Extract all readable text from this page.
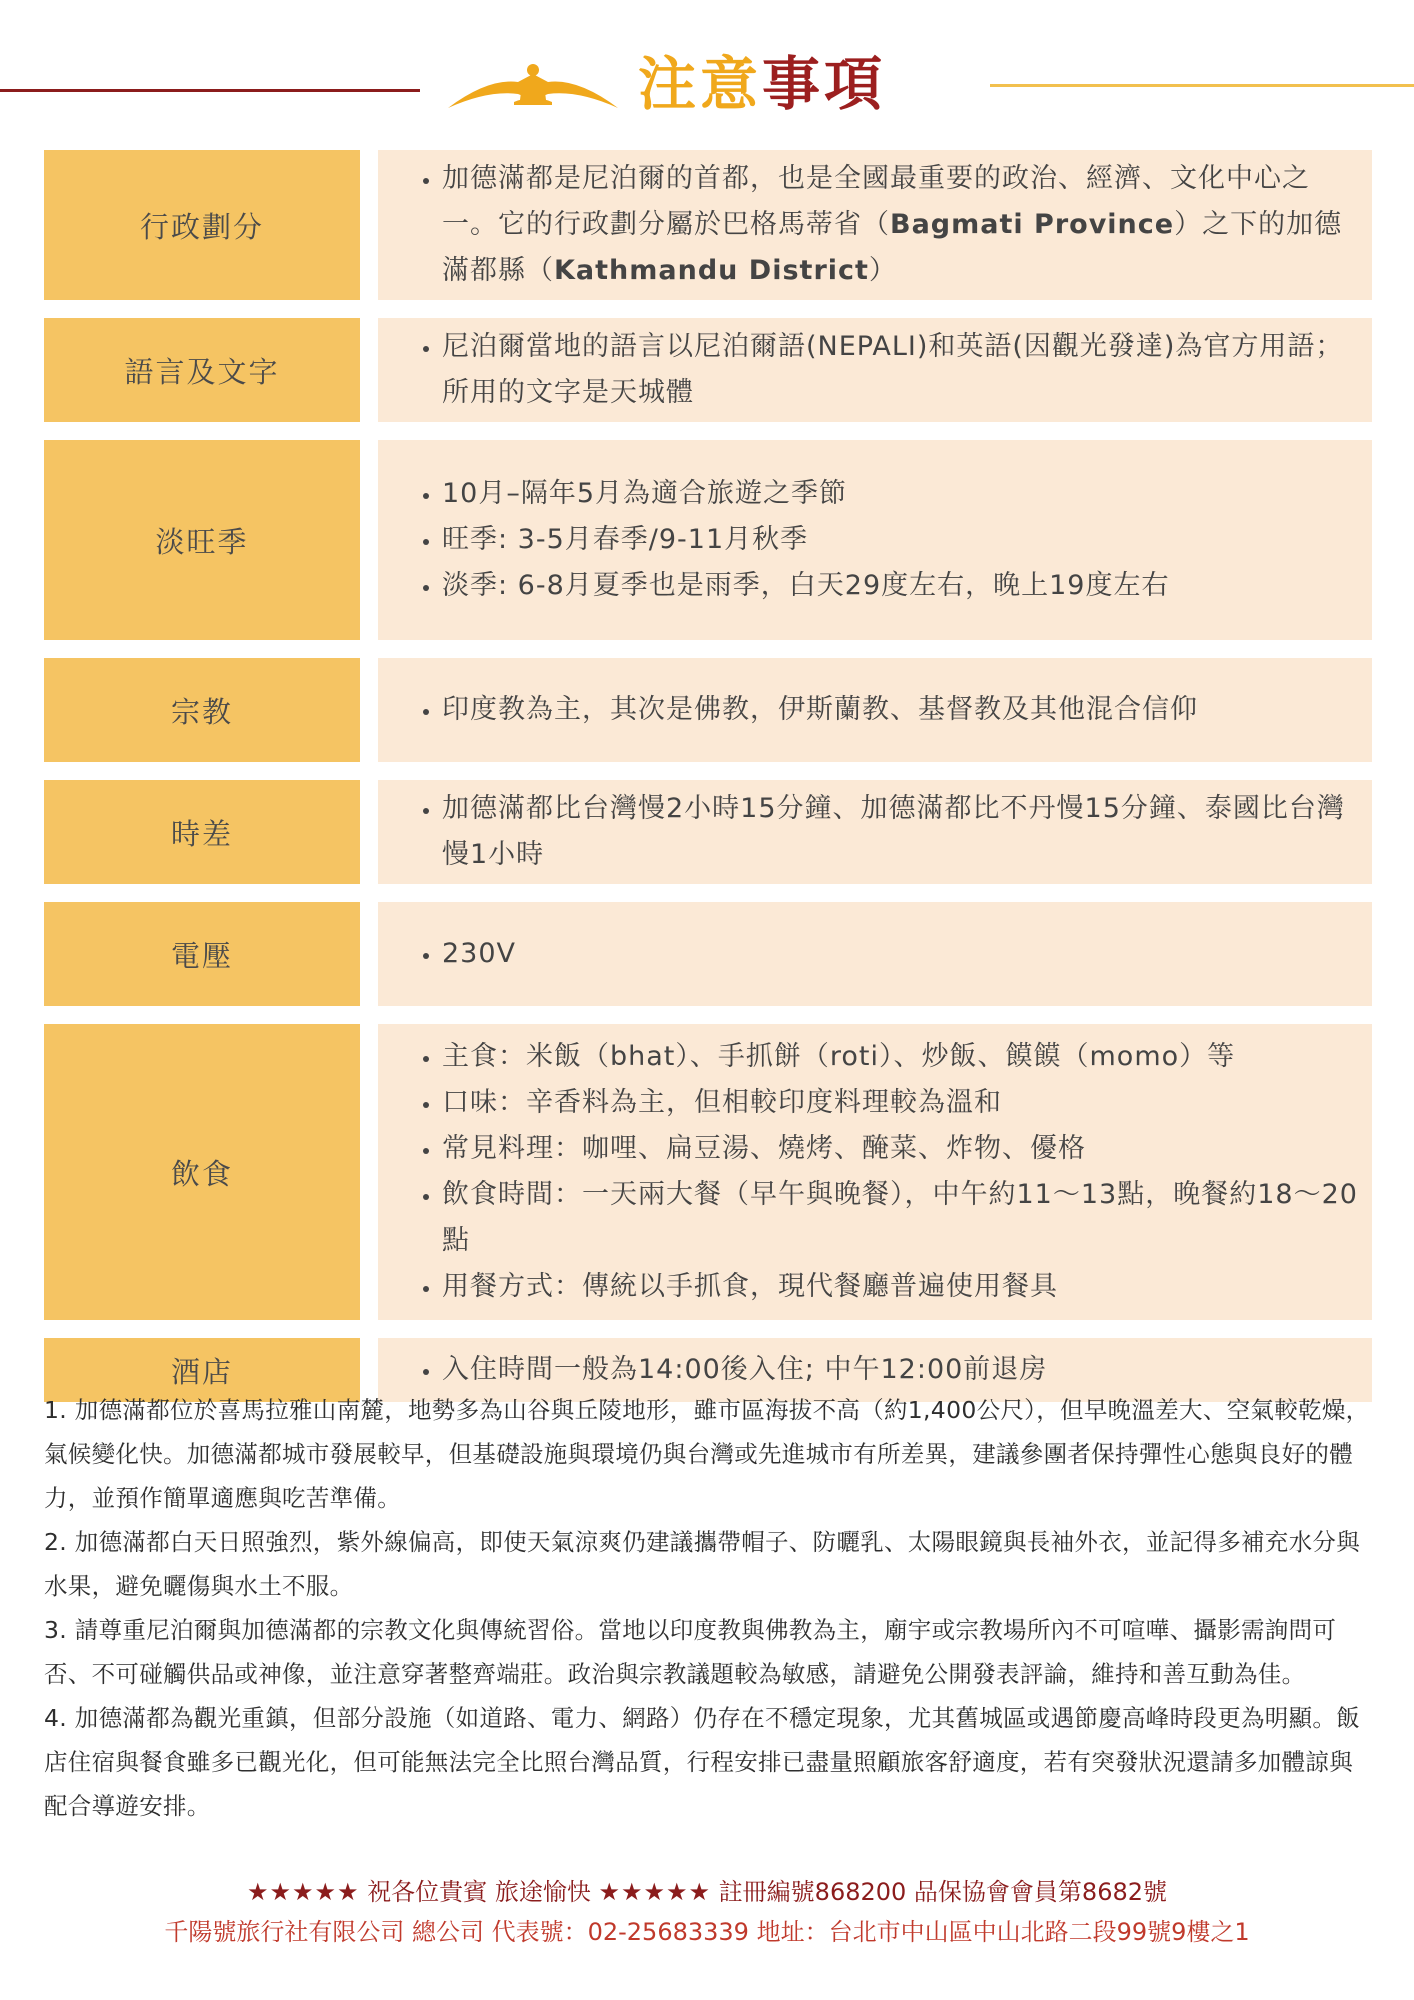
注意事項
行政劃分
• 加德滿都是尼泊爾的首都，也是全國最重要的政治、經濟、文化中心之一。它的行政劃分屬於巴格馬蒂省（Bagmati Province）之下的加德滿都縣（Kathmandu District）
語言及文字
• 尼泊爾當地的語言以尼泊爾語(NEPALI)和英語(因觀光發達)為官方用語；所用的文字是天城體
淡旺季
• 10月–隔年5月為適合旅遊之季節
• 旺季: 3-5月春季/9-11月秋季
• 淡季: 6-8月夏季也是雨季，白天29度左右，晚上19度左右
宗教	• 印度教為主，其次是佛教，伊斯蘭教、基督教及其他混合信仰
時差
• 加德滿都比台灣慢2小時15分鐘、加德滿都比不丹慢15分鐘、泰國比台灣慢1小時
電壓	• 230V
飲食
• 主食：米飯（bhat）、手抓餅（roti）、炒飯、饃饃（momo）等
• 口味：辛香料為主，但相較印度料理較為溫和
• 常見料理：咖哩、扁豆湯、燒烤、醃菜、炸物、優格
• 飲食時間：一天兩大餐（早午與晚餐），中午約11～13點，晚餐約18～20點
• 用餐方式：傳統以手抓食，現代餐廳普遍使用餐具
酒店	• 入住時間一般為14:00後入住; 中午12:00前退房

1. 加德滿都位於喜馬拉雅山南麓，地勢多為山谷與丘陵地形，雖市區海拔不高（約1,400公尺），但早晚溫差大、空氣較乾燥，氣候變化快。加德滿都城市發展較早，但基礎設施與環境仍與台灣或先進城市有所差異，建議參團者保持彈性心態與良好的體力，並預作簡單適應與吃苦準備。

2. 加德滿都白天日照強烈，紫外線偏高，即使天氣涼爽仍建議攜帶帽子、防曬乳、太陽眼鏡與長袖外衣，並記得多補充水分與水果，避免曬傷與水土不服。

3. 請尊重尼泊爾與加德滿都的宗教文化與傳統習俗。當地以印度教與佛教為主，廟宇或宗教場所內不可喧嘩、攝影需詢問可否、不可碰觸供品或神像，並注意穿著整齊端莊。政治與宗教議題較為敏感，請避免公開發表評論，維持和善互動為佳。

4. 加德滿都為觀光重鎮，但部分設施（如道路、電力、網路）仍存在不穩定現象，尤其舊城區或遇節慶高峰時段更為明顯。飯店住宿與餐食雖多已觀光化，但可能無法完全比照台灣品質，行程安排已盡量照顧旅客舒適度，若有突發狀況還請多加體諒與配合導遊安排。

★★★★★ 祝各位貴賓 旅途愉快 ★★★★★ 註冊編號868200 品保協會會員第8682號
千陽號旅行社有限公司 總公司 代表號：02-25683339 地址：台北市中山區中山北路二段99號9樓之1
